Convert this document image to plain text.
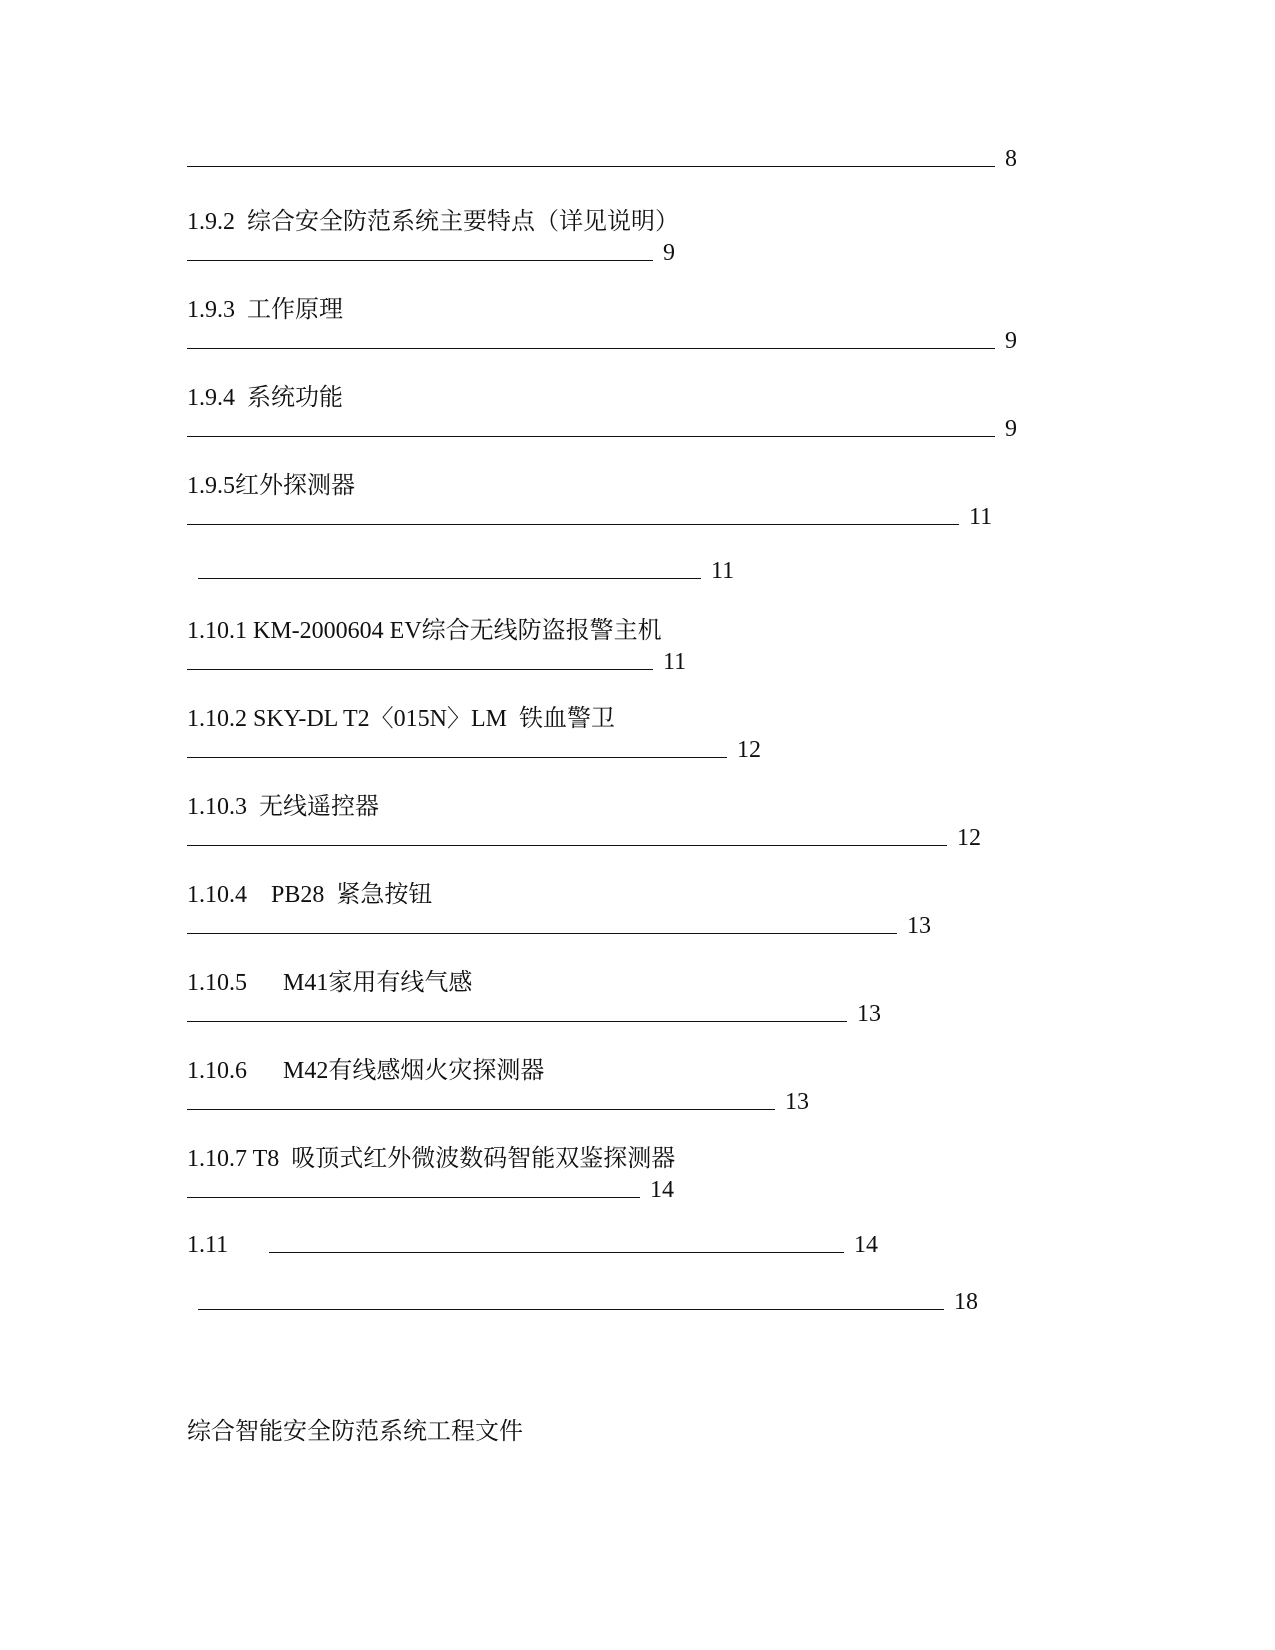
8
1.9.2  综合安全防范系统主要特点（详见说明）
9
1.9.3  工作原理
9
1.9.4  系统功能
9
1.9.5红外探测器
11
11
1.10.1 KM-2000604 EV综合无线防盗报警主机
11
1.10.2 SKY-DL T2〈015N〉LM  铁血警卫
12
1.10.3  无线遥控器
12
1.10.4    PB28  紧急按钮
13
1.10.5      M41家用有线气感
13
1.10.6      M42有线感烟火灾探测器
13
1.10.7 T8  吸顶式红外微波数码智能双鉴探测器
14
1.11	14
18
综合智能安全防范系统工程文件
